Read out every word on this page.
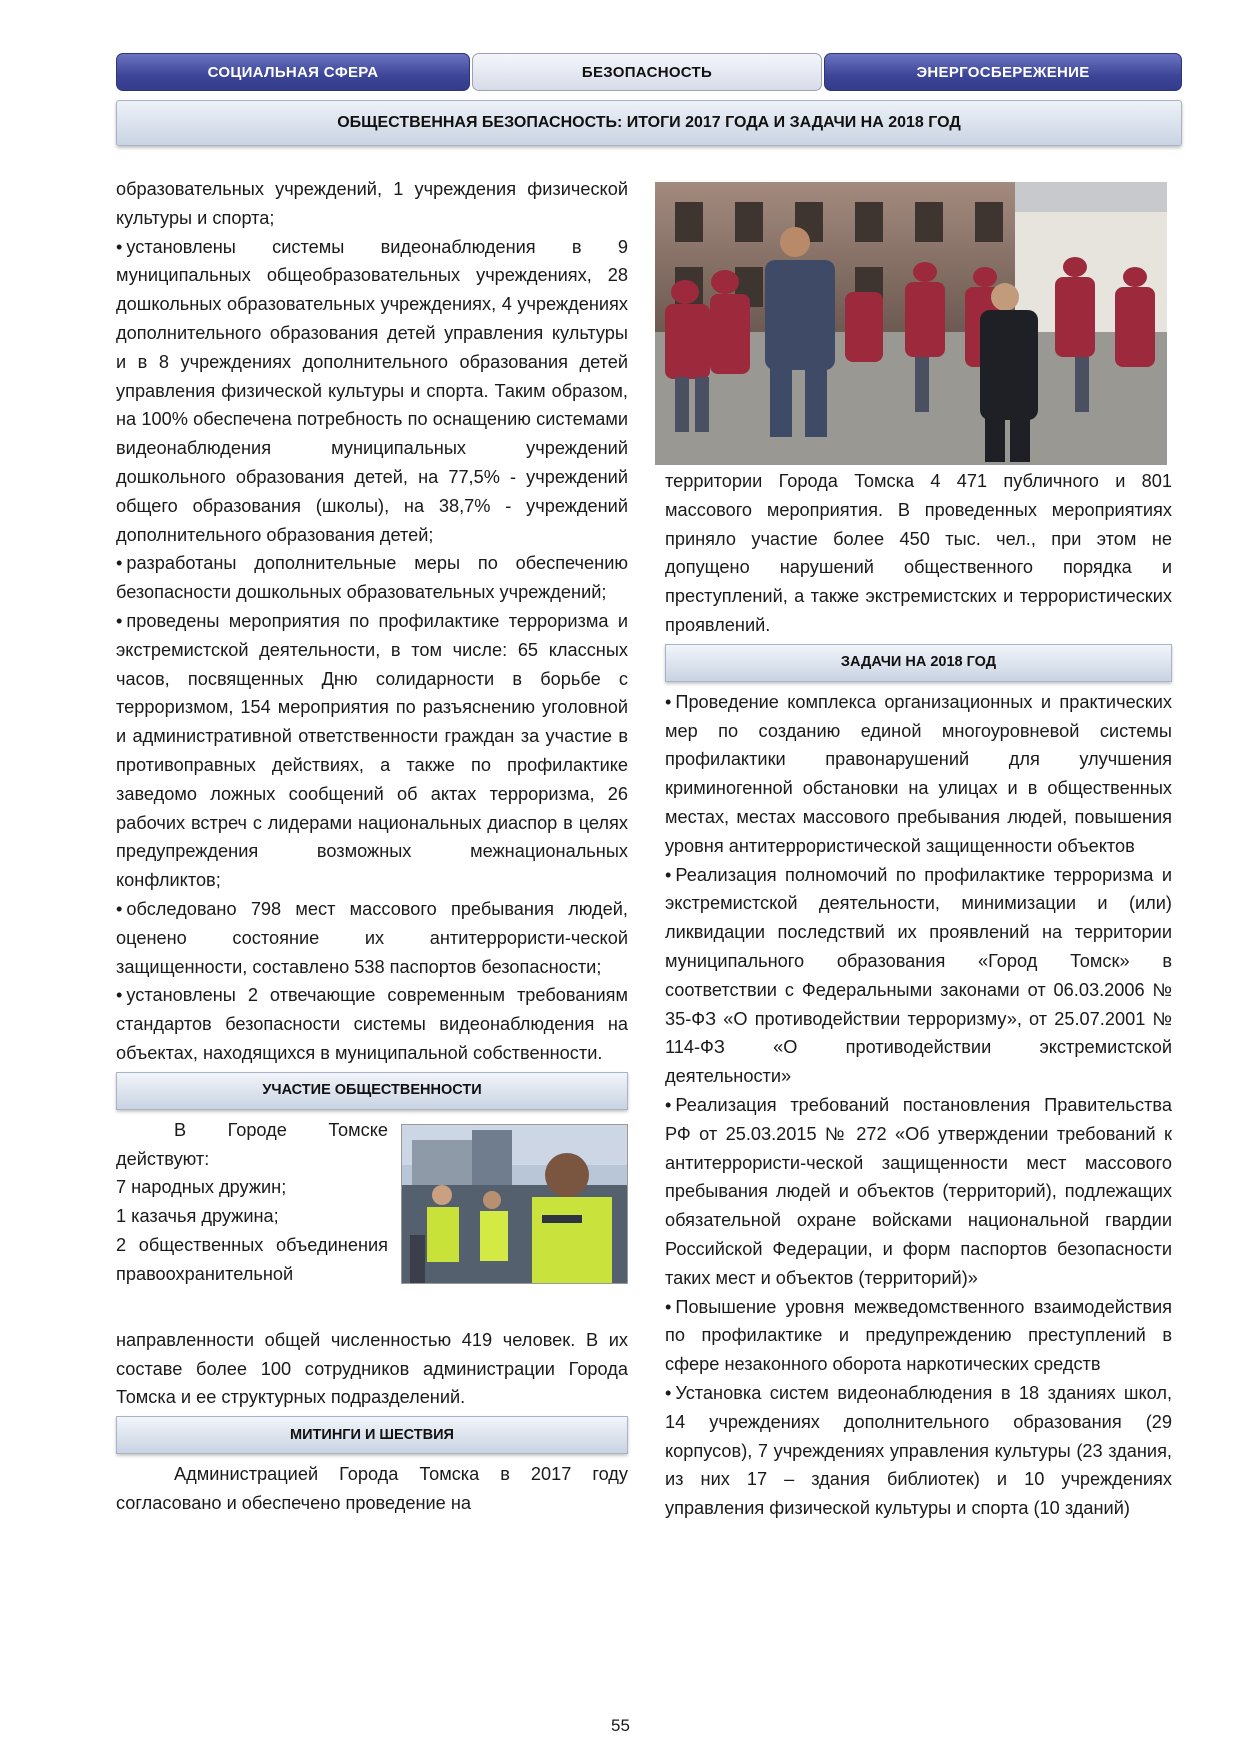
СОЦИАЛЬНАЯ СФЕРА	БЕЗОПАСНОСТЬ	ЭНЕРГОСБЕРЕЖЕНИЕ
ОБЩЕСТВЕННАЯ БЕЗОПАСНОСТЬ: ИТОГИ 2017 ГОДА И ЗАДАЧИ НА 2018 ГОД

образовательных учреждений, 1 учреждения физической культуры и спорта;

• установлены системы видеонаблюдения в 9 муниципальных общеобразовательных учреждениях, 28 дошкольных образовательных учреждениях, 4 учреждениях дополнительного образования детей управления культуры и в 8 учреждениях дополнительного образования детей управления физической культуры и спорта. Таким образом, на 100% обеспечена потребность по оснащению системами видеонаблюдения муниципальных учреждений дошкольного образования детей, на 77,5% - учреждений общего образования (школы), на 38,7% - учреждений дополнительного образования детей;

• разработаны дополнительные меры по обеспечению безопасности дошкольных образовательных учреждений;

• проведены мероприятия по профилактике терроризма и экстремистской деятельности, в том числе: 65 классных часов, посвященных Дню солидарности в борьбе с терроризмом, 154 мероприятия по разъяснению уголовной и административной ответственности граждан за участие в противоправных действиях, а также по профилактике заведомо ложных сообщений об актах терроризма, 26 рабочих встреч с лидерами национальных диаспор в целях предупреждения возможных межнациональных конфликтов;

• обследовано 798 мест массового пребывания людей, оценено состояние их антитеррористи-ческой защищенности, составлено 538 паспортов безопасности;

• установлены 2 отвечающие современным требованиям стандартов безопасности системы видеонаблюдения на объектах, находящихся в муниципальной собственности.

УЧАСТИЕ ОБЩЕСТВЕННОСТИ

В Городе Томске действуют:

7 народных дружин;

1 казачья дружина;

2 общественных объединения правоохранительной

направленности общей численностью 419 человек. В их составе более 100 сотрудников администрации Города Томска и ее структурных подразделений.

МИТИНГИ И ШЕСТВИЯ

Администрацией Города Томска в 2017 году согласовано и обеспечено проведение на

территории Города Томска 4 471 публичного и 801 массового мероприятия. В проведенных мероприятиях приняло участие более 450 тыс. чел., при этом не допущено нарушений общественного порядка и преступлений, а также экстремистских и террористических проявлений.

ЗАДАЧИ НА 2018 ГОД

• Проведение комплекса организационных и практических мер по созданию единой многоуровневой системы профилактики правонарушений для улучшения криминогенной обстановки на улицах и в общественных местах, местах массового пребывания людей, повышения уровня антитеррористической защищенности объектов

• Реализация полномочий по профилактике терроризма и экстремистской деятельности, минимизации и (или) ликвидации последствий их проявлений на территории муниципального образования «Город Томск» в соответствии с Федеральными законами от 06.03.2006 № 35-ФЗ «О противодействии терроризму», от 25.07.2001 № 114-ФЗ «О противодействии экстремистской деятельности»

• Реализация требований постановления Правительства РФ от 25.03.2015 № 272 «Об утверждении требований к антитеррористи-ческой защищенности мест массового пребывания людей и объектов (территорий), подлежащих обязательной охране войсками национальной гвардии Российской Федерации, и форм паспортов безопасности таких мест и объектов (территорий)»

• Повышение уровня межведомственного взаимодействия по профилактике и предупреждению преступлений в сфере незаконного оборота наркотических средств

• Установка систем видеонаблюдения в 18 зданиях школ, 14 учреждениях дополнительного образования (29 корпусов), 7 учреждениях управления культуры (23 здания, из них 17 – здания библиотек) и 10 учреждениях управления физической культуры и спорта (10 зданий)

55
